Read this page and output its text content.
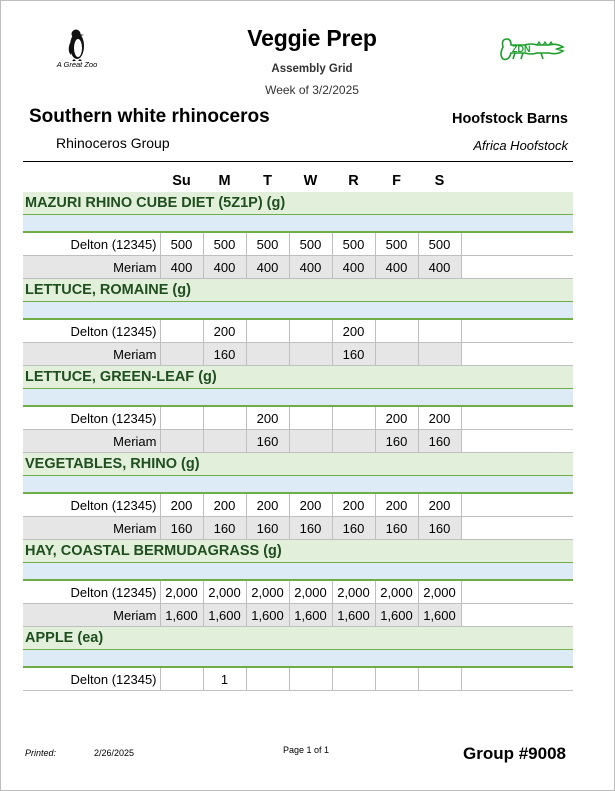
A Great Zoo
ZDN
Veggie Prep
Assembly Grid
Week of 3/2/2025
Southern white rhinoceros
Rhinoceros Group
Hoofstock Barns
Africa Hoofstock
	Su	M	T	W	R	F	S	
MAZURI RHINO CUBE DIET (5Z1P) (g)								

Delton (12345)	500	500	500	500	500	500	500	
Meriam	400	400	400	400	400	400	400	
LETTUCE, ROMAINE (g)								

Delton (12345)		200			200			
Meriam		160			160			
LETTUCE, GREEN-LEAF (g)								

Delton (12345)			200			200	200	
Meriam			160			160	160	
VEGETABLES, RHINO (g)								

Delton (12345)	200	200	200	200	200	200	200	
Meriam	160	160	160	160	160	160	160	
HAY, COASTAL BERMUDAGRASS (g)								

Delton (12345)	2,000	2,000	2,000	2,000	2,000	2,000	2,000	
Meriam	1,600	1,600	1,600	1,600	1,600	1,600	1,600	
APPLE (ea)								

Delton (12345)		1						
Printed:	2/26/2025	Page 1 of 1	Group #9008
